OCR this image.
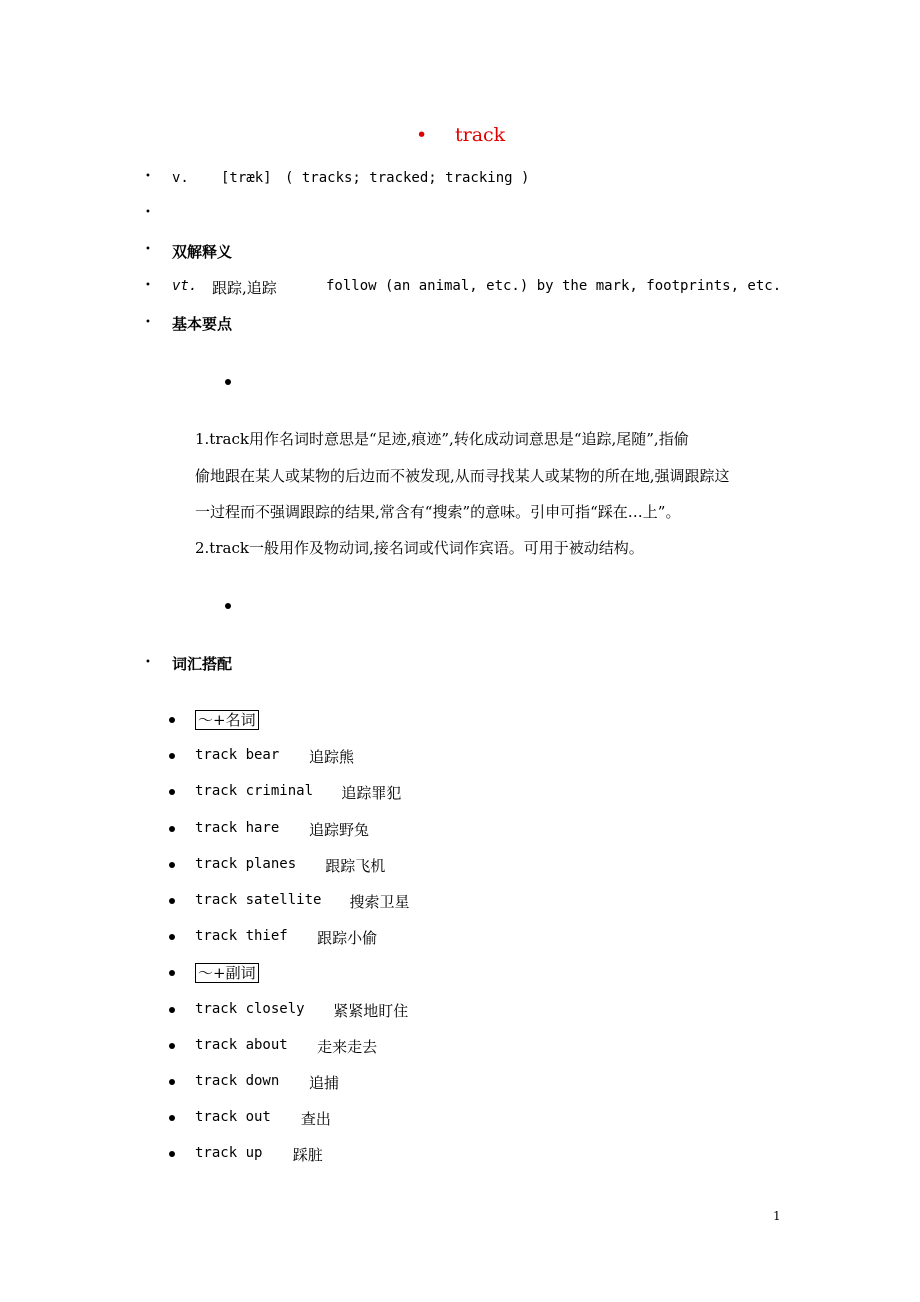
• track
• v. [træk] ( tracks; tracked; tracking )
•
• 双解释义
• vt. 跟踪,追踪	follow (an animal, etc.) by the mark, footprints, etc.
• 基本要点
1.track用作名词时意思是“足迹,痕迹”,转化成动词意思是“追踪,尾随”,指偷
偷地跟在某人或某物的后边而不被发现,从而寻找某人或某物的所在地,强调跟踪这
一过程而不强调跟踪的结果,常含有“搜索”的意味。引申可指“踩在…上”。
2.track一般用作及物动词,接名词或代词作宾语。可用于被动结构。
• 词汇搭配
～+名词
track bear 追踪熊
track criminal 追踪罪犯
track hare 追踪野兔
track planes 跟踪飞机
track satellite 搜索卫星
track thief 跟踪小偷
～+副词
track closely 紧紧地盯住
track about 走来走去
track down 追捕
track out 查出
track up 踩脏
1
